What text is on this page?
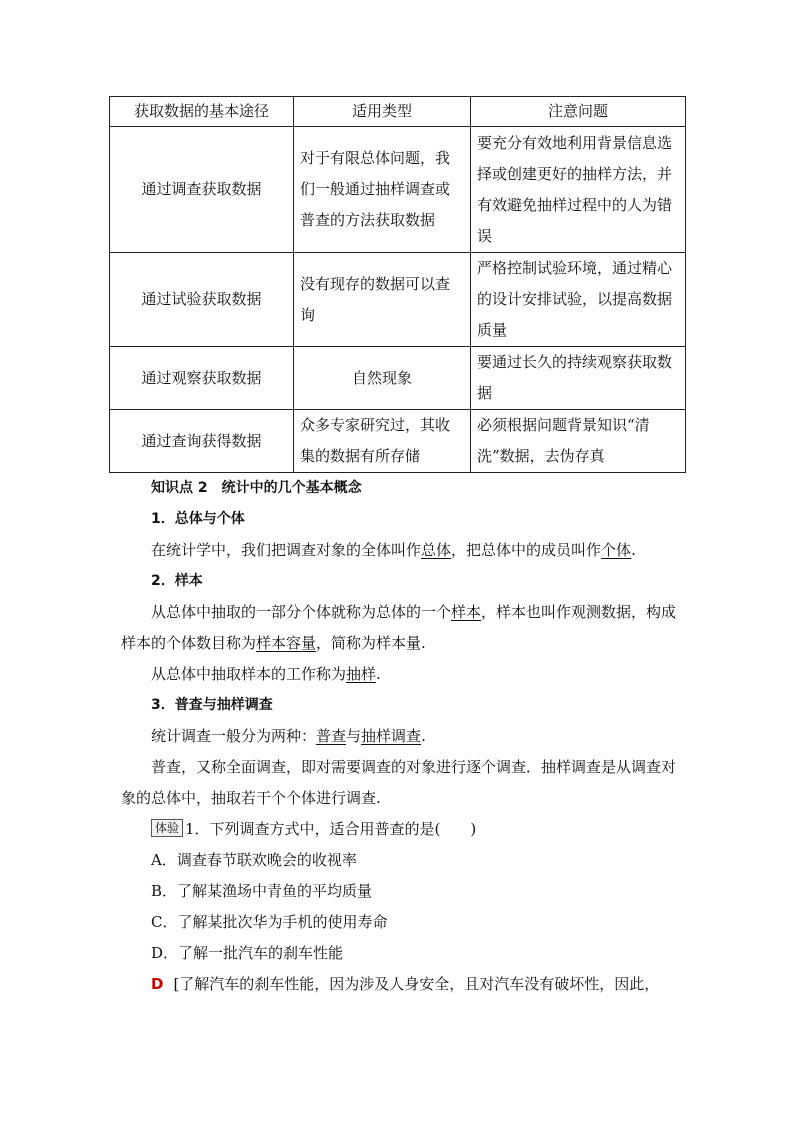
获取数据的基本途径	适用类型	注意问题
通过调查获取数据	对于有限总体问题，我们一般通过抽样调查或普查的方法获取数据	要充分有效地利用背景信息选择或创建更好的抽样方法，并有效避免抽样过程中的人为错误
通过试验获取数据	没有现存的数据可以查询	严格控制试验环境，通过精心的设计安排试验，以提高数据质量
通过观察获取数据	自然现象	要通过长久的持续观察获取数据
通过查询获得数据	众多专家研究过，其收集的数据有所存储	必须根据问题背景知识“清洗”数据，去伪存真

知识点 2 统计中的几个基本概念

1．总体与个体

在统计学中，我们把调查对象的全体叫作总体，把总体中的成员叫作个体.

2．样本

从总体中抽取的一部分个体就称为总体的一个样本，样本也叫作观测数据，构成样本的个体数目称为样本容量，简称为样本量.

从总体中抽取样本的工作称为抽样.

3．普查与抽样调查

统计调查一般分为两种：普查与抽样调查.

普查，又称全面调查，即对需要调查的对象进行逐个调查．抽样调查是从调查对象的总体中，抽取若干个个体进行调查.

体验 1．下列调查方式中，适合用普查的是(　　)

A．调查春节联欢晚会的收视率

B．了解某渔场中青鱼的平均质量

C．了解某批次华为手机的使用寿命

D．了解一批汽车的刹车性能

D [了解汽车的刹车性能，因为涉及人身安全，且对汽车没有破坏性，因此，
